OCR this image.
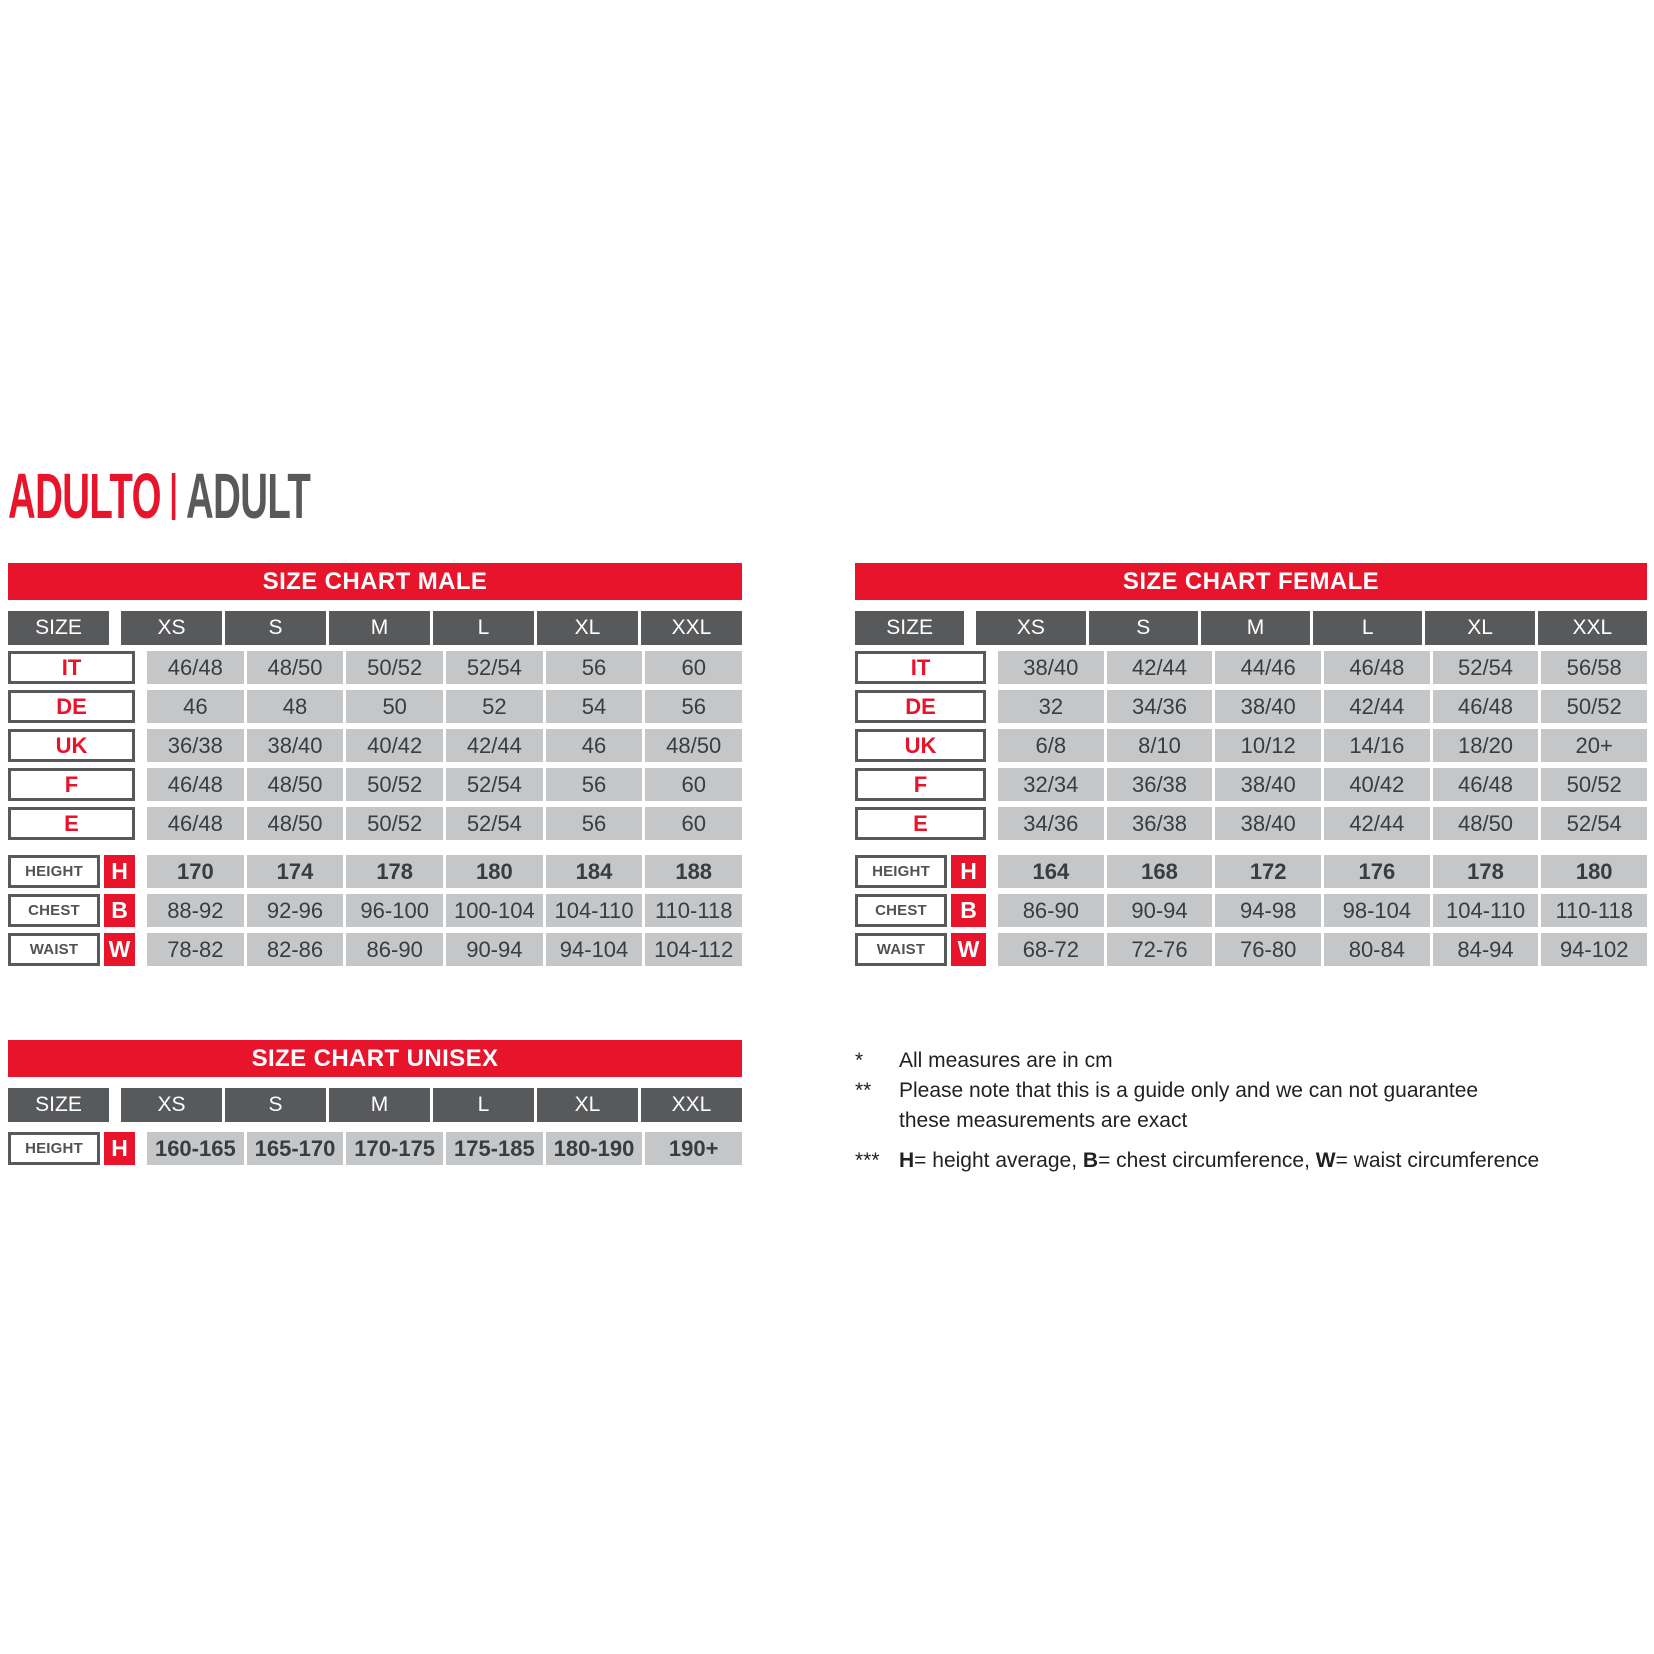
ADULTO ADULT
SIZE CHART MALE
SIZE	XS	S	M	L	XL	XXL
IT	46/48	48/50	50/52	52/54	56	60
DE	46	48	50	52	54	56
UK	36/38	38/40	40/42	42/44	46	48/50
F	46/48	48/50	50/52	52/54	56	60
E	46/48	48/50	50/52	52/54	56	60
HEIGHT	H	170	174	178	180	184	188
CHEST	B	88-92	92-96	96-100	100-104 104-110 110-118
WAIST	W	78-82	82-86	86-90	90-94	94-104	104-112
SIZE CHART FEMALE
SIZE	XS	S	M	L	XL	XXL
IT	38/40	42/44	44/46	46/48	52/54	56/58
DE	32	34/36	38/40	42/44	46/48	50/52
UK	6/8	8/10	10/12	14/16	18/20	20+
F	32/34	36/38	38/40	40/42	46/48	50/52
E	34/36	36/38	38/40	42/44	48/50	52/54
HEIGHT	H	164	168	172	176	178	180
CHEST	B	86-90	90-94	94-98	98-104	104-110	110-118
WAIST	W	68-72	72-76	76-80	80-84	84-94	94-102
SIZE CHART UNISEX
SIZE	XS	S	M	L	XL	XXL
HEIGHT	H	160-165 165-170 170-175 175-185 180-190	190+
*	All measures are in cm
**	Please note that this is a guide only and we can not guarantee these measurements are exact
*** H= height average, B= chest circumference, W= waist circumference
